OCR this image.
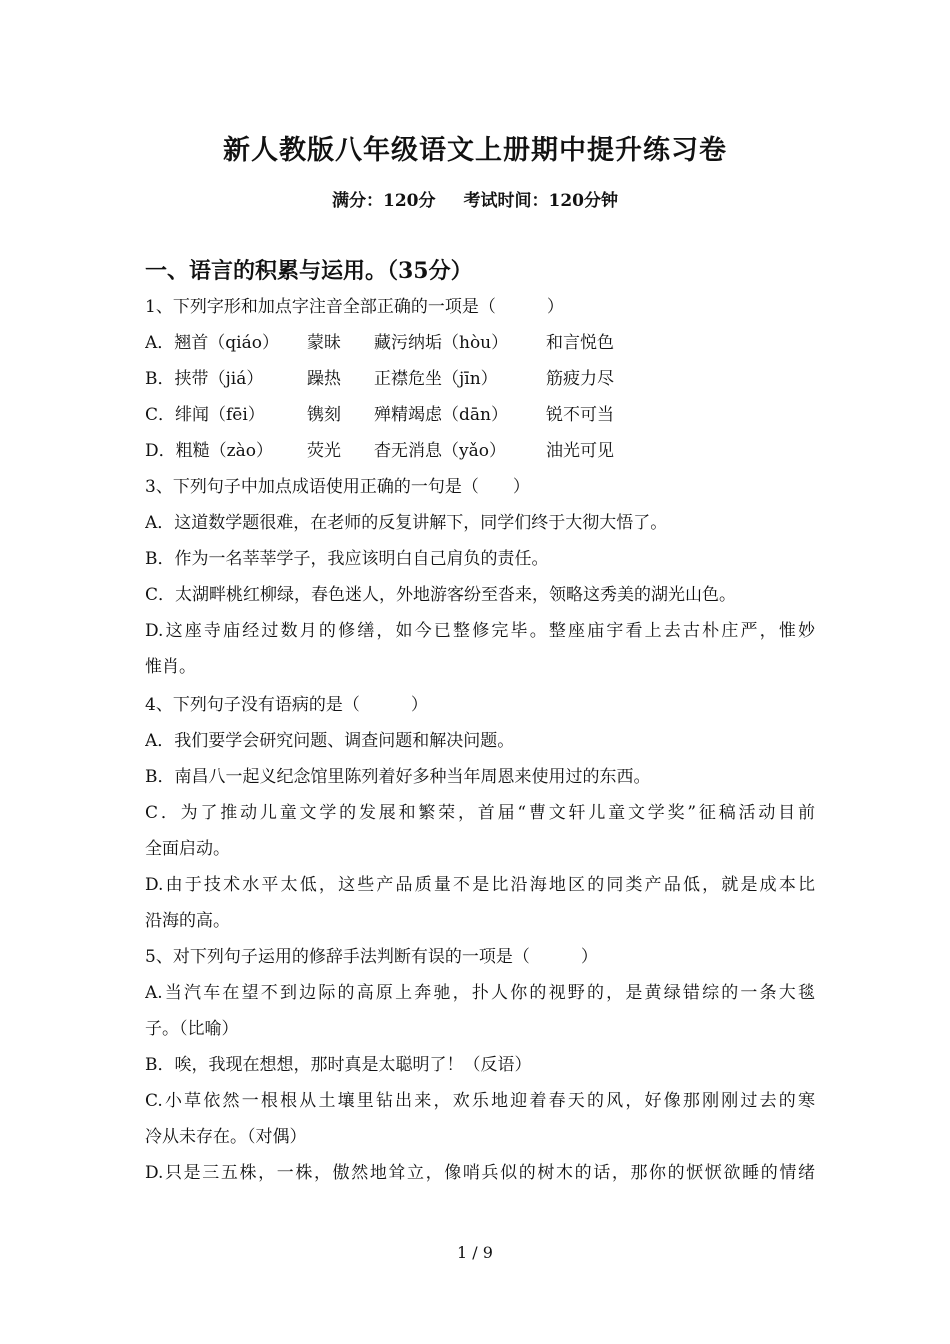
新人教版八年级语文上册期中提升练习卷
满分：120分 考试时间：120分钟
一、语言的积累与运用。（35分）
1、下列字形和加点字注音全部正确的一项是（　　　）
A．翘首（qiáo） 蒙昧 藏污纳垢（hòu） 和言悦色
B．挟带（jiá）	躁热 正襟危坐（jīn）	筋疲力尽
C．绯闻（fēi） 镌刻 殚精竭虑（dān） 锐不可当
D．粗糙（zào） 荧光 杳无消息（yǎo） 油光可见
3、下列句子中加点成语使用正确的一句是（　　）
A．这道数学题很难，在老师的反复讲解下，同学们终于大彻大悟了。
B．作为一名莘莘学子，我应该明白自己肩负的责任。
C．太湖畔桃红柳绿，春色迷人，外地游客纷至沓来，领略这秀美的湖光山色。
D.这座寺庙经过数月的修缮，如今已整修完毕。整座庙宇看上去古朴庄严，惟妙
惟肖。
4、下列句子没有语病的是（　　　）
A．我们要学会研究问题、调查问题和解决问题。
B．南昌八一起义纪念馆里陈列着好多种当年周恩来使用过的东西。
C．为了推动儿童文学的发展和繁荣，首届“曹文轩儿童文学奖”征稿活动目前
全面启动。
D.由于技术水平太低，这些产品质量不是比沿海地区的同类产品低，就是成本比
沿海的高。
5、对下列句子运用的修辞手法判断有误的一项是（　　　）
A.当汽车在望不到边际的高原上奔驰，扑人你的视野的，是黄绿错综的一条大毯
子。（比喻）
B．唉，我现在想想，那时真是太聪明了！（反语）
C.小草依然一根根从土壤里钻出来，欢乐地迎着春天的风，好像那刚刚过去的寒
冷从未存在。（对偶）
D.只是三五株，一株，傲然地耸立，像哨兵似的树木的话，那你的恹恹欲睡的情绪
1 / 9
